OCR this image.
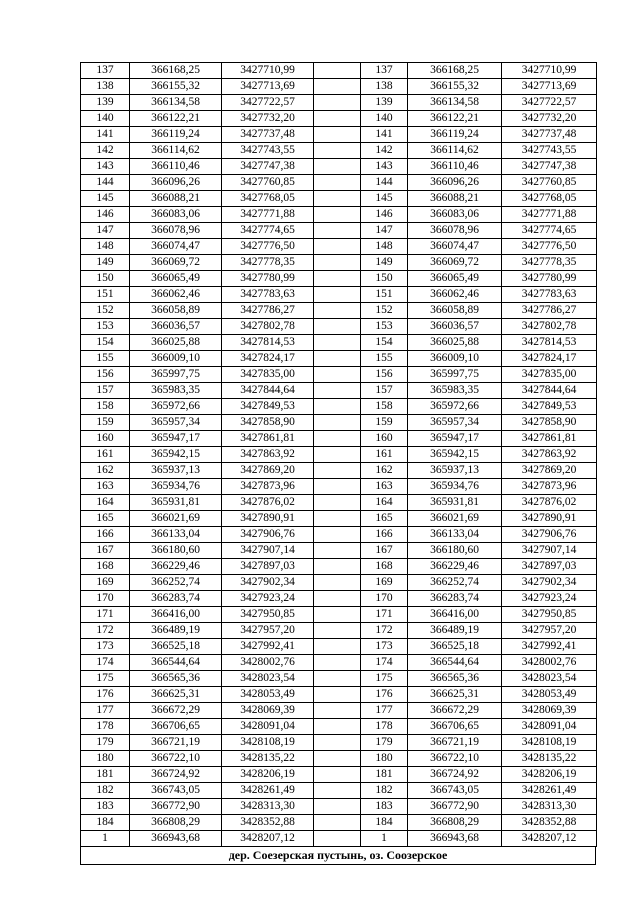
137	366168,25	3427710,99		137	366168,25	3427710,99
138	366155,32	3427713,69		138	366155,32	3427713,69
139	366134,58	3427722,57		139	366134,58	3427722,57
140	366122,21	3427732,20		140	366122,21	3427732,20
141	366119,24	3427737,48		141	366119,24	3427737,48
142	366114,62	3427743,55		142	366114,62	3427743,55
143	366110,46	3427747,38		143	366110,46	3427747,38
144	366096,26	3427760,85		144	366096,26	3427760,85
145	366088,21	3427768,05		145	366088,21	3427768,05
146	366083,06	3427771,88		146	366083,06	3427771,88
147	366078,96	3427774,65		147	366078,96	3427774,65
148	366074,47	3427776,50		148	366074,47	3427776,50
149	366069,72	3427778,35		149	366069,72	3427778,35
150	366065,49	3427780,99		150	366065,49	3427780,99
151	366062,46	3427783,63		151	366062,46	3427783,63
152	366058,89	3427786,27		152	366058,89	3427786,27
153	366036,57	3427802,78		153	366036,57	3427802,78
154	366025,88	3427814,53		154	366025,88	3427814,53
155	366009,10	3427824,17		155	366009,10	3427824,17
156	365997,75	3427835,00		156	365997,75	3427835,00
157	365983,35	3427844,64		157	365983,35	3427844,64
158	365972,66	3427849,53		158	365972,66	3427849,53
159	365957,34	3427858,90		159	365957,34	3427858,90
160	365947,17	3427861,81		160	365947,17	3427861,81
161	365942,15	3427863,92		161	365942,15	3427863,92
162	365937,13	3427869,20		162	365937,13	3427869,20
163	365934,76	3427873,96		163	365934,76	3427873,96
164	365931,81	3427876,02		164	365931,81	3427876,02
165	366021,69	3427890,91		165	366021,69	3427890,91
166	366133,04	3427906,76		166	366133,04	3427906,76
167	366180,60	3427907,14		167	366180,60	3427907,14
168	366229,46	3427897,03		168	366229,46	3427897,03
169	366252,74	3427902,34		169	366252,74	3427902,34
170	366283,74	3427923,24		170	366283,74	3427923,24
171	366416,00	3427950,85		171	366416,00	3427950,85
172	366489,19	3427957,20		172	366489,19	3427957,20
173	366525,18	3427992,41		173	366525,18	3427992,41
174	366544,64	3428002,76		174	366544,64	3428002,76
175	366565,36	3428023,54		175	366565,36	3428023,54
176	366625,31	3428053,49		176	366625,31	3428053,49
177	366672,29	3428069,39		177	366672,29	3428069,39
178	366706,65	3428091,04		178	366706,65	3428091,04
179	366721,19	3428108,19		179	366721,19	3428108,19
180	366722,10	3428135,22		180	366722,10	3428135,22
181	366724,92	3428206,19		181	366724,92	3428206,19
182	366743,05	3428261,49		182	366743,05	3428261,49
183	366772,90	3428313,30		183	366772,90	3428313,30
184	366808,29	3428352,88		184	366808,29	3428352,88
1	366943,68	3428207,12		1	366943,68	3428207,12
дер. Соезерская пустынь, оз. Соозерское
